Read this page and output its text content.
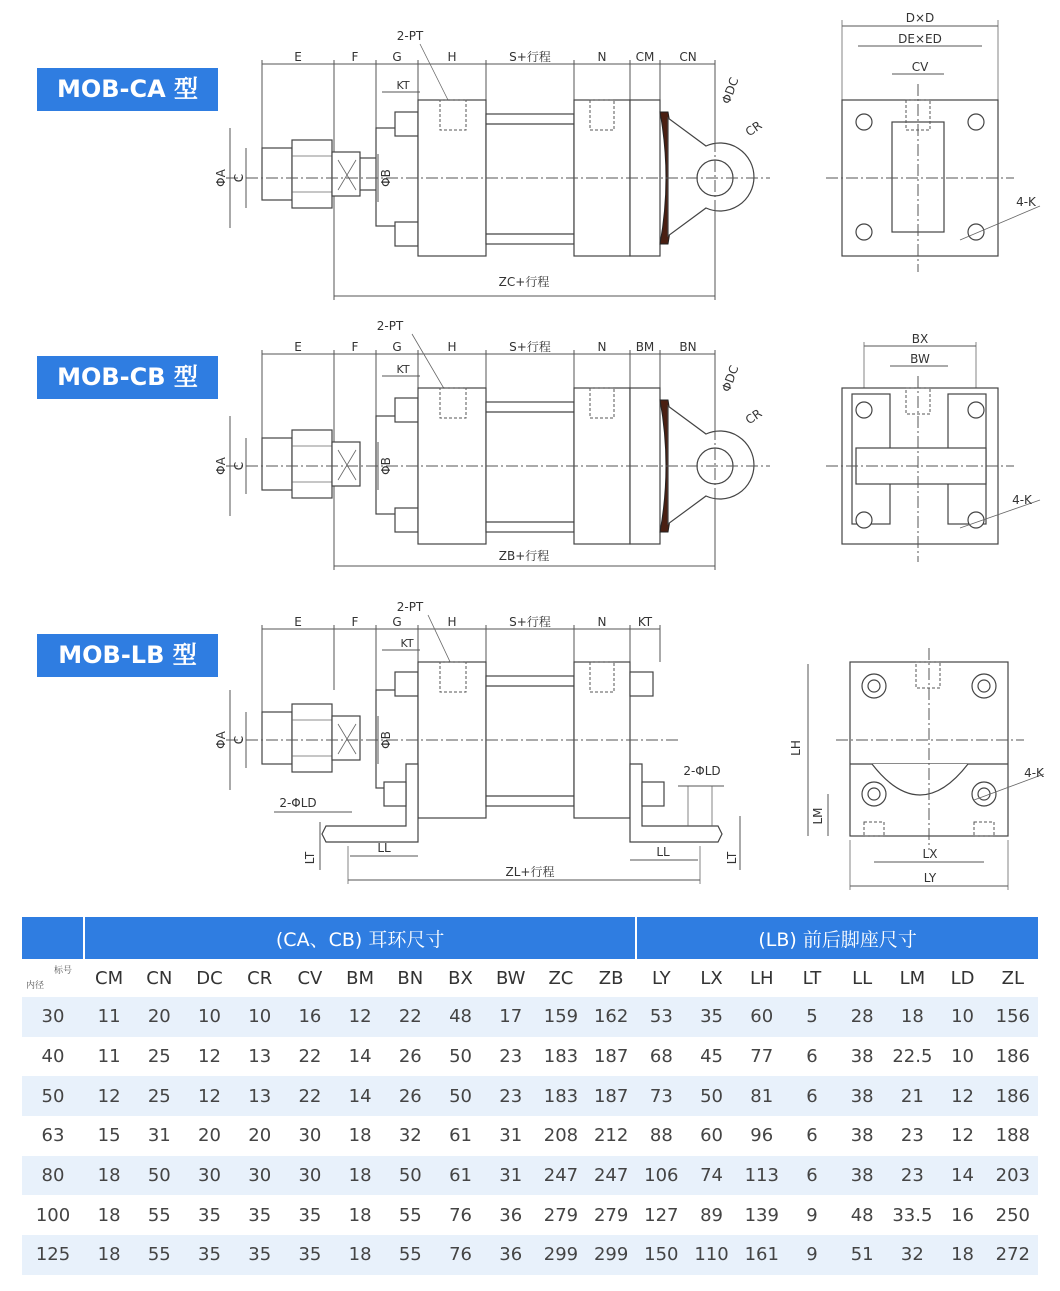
MOB-CA 型
MOB-CB 型
MOB-LB 型
E	F	G	H	S+行程	N CM CN
2-PT
KT
ΦA C	ΦB
ΦDC
CR
ZC+行程
D×D
DE×ED
CV
4-K
E	F	G	H	S+行程	N BM BN
2-PT
KT
ΦA C	ΦB
ΦDC
CR
ZB+行程
BX
BW
4-K
E	F	G	H	S+行程	N	KT
2-PT
KT
ΦA C	ΦB
2-ΦLD
2-ΦLD
LL	LL
LT	LT
ZL+行程
LH
LM
LX
LY
4-K
	(CA、CB) 耳环尺寸											(LB) 前后脚座尺寸							

标号
内径	CM	CN	DC	CR	CV	BM	BN	BX	BW	ZC	ZB	LY	LX	LH	LT	LL	LM	LD	ZL
30	11	20	10	10	16	12	22	48	17	159	162	53	35	60	5	28	18	10	156
40	11	25	12	13	22	14	26	50	23	183	187	68	45	77	6	38	22.5	10	186
50	12	25	12	13	22	14	26	50	23	183	187	73	50	81	6	38	21	12	186
63	15	31	20	20	30	18	32	61	31	208	212	88	60	96	6	38	23	12	188
80	18	50	30	30	30	18	50	61	31	247	247	106	74	113	6	38	23	14	203
100	18	55	35	35	35	18	55	76	36	279	279	127	89	139	9	48	33.5	16	250
125	18	55	35	35	35	18	55	76	36	299	299	150	110	161	9	51	32	18	272
